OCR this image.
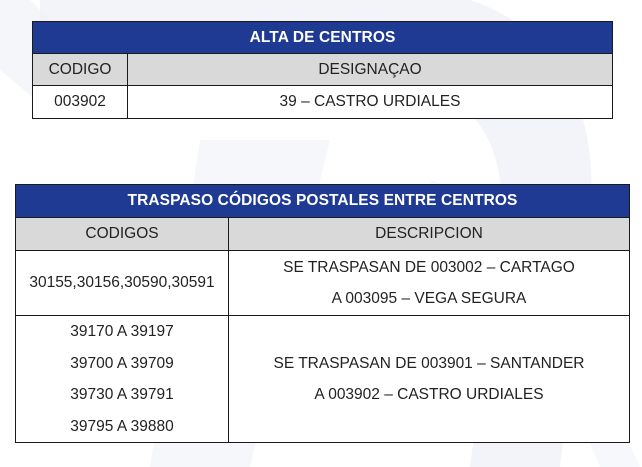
ALTA DE CENTROS	
CODIGO	DESIGNAÇAO
003902	39 – CASTRO URDIALES
TRASPASO CÓDIGOS POSTALES ENTRE CENTROS	
CODIGOS	DESCRIPCION

30155,30156,30590,30591	SE TRASPASAN DE 003002 – CARTAGO
A 003095 – VEGA SEGURA

39170 A 39197
39700 A 39709
39730 A 39791
39795 A 39880	SE TRASPASAN DE 003901 – SANTANDER
A 003902 – CASTRO URDIALES
